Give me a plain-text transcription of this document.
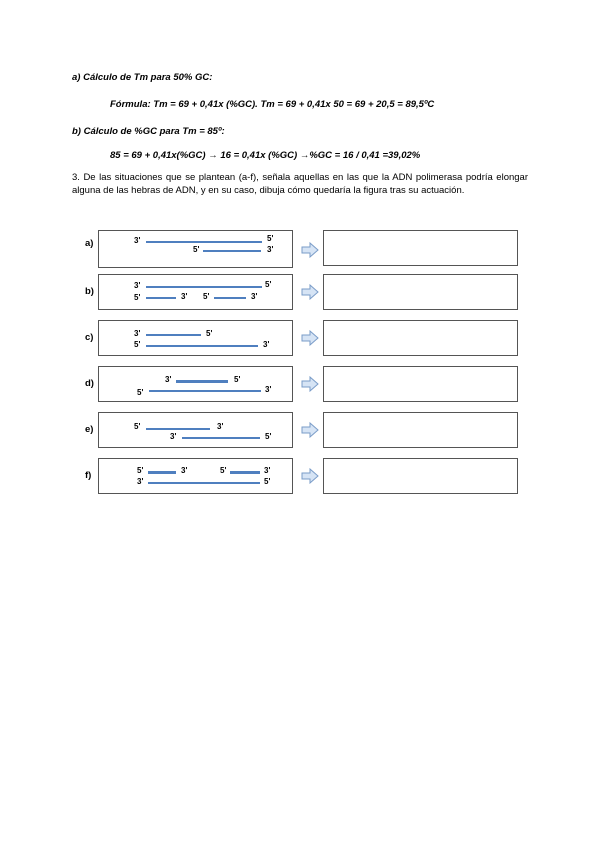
a) Cálculo de Tm para 50% GC:
Fórmula: Tm = 69 + 0,41x (%GC). Tm = 69 + 0,41x 50 = 69 + 20,5 = 89,5ºC
b) Cálculo de %GC para Tm = 85º:
85 = 69 + 0,41x(%GC) → 16 = 0,41x (%GC) →%GC = 16 / 0,41 =39,02%
3. De las situaciones que se plantean (a-f), señala aquellas en las que la ADN polimerasa podría elongar alguna de las hebras de ADN, y en su caso, dibuja cómo quedaría la figura tras su actuación.
a)	3'	5'
5'	3'
b)
3'	5'
5'	3' 5'	3'
c)	3'	5'
5'	3'
d)	3'	5'
5'	3'
e)	5'	3'
3'	5'
f)	5'	3'	5'	3'
3'	5'
